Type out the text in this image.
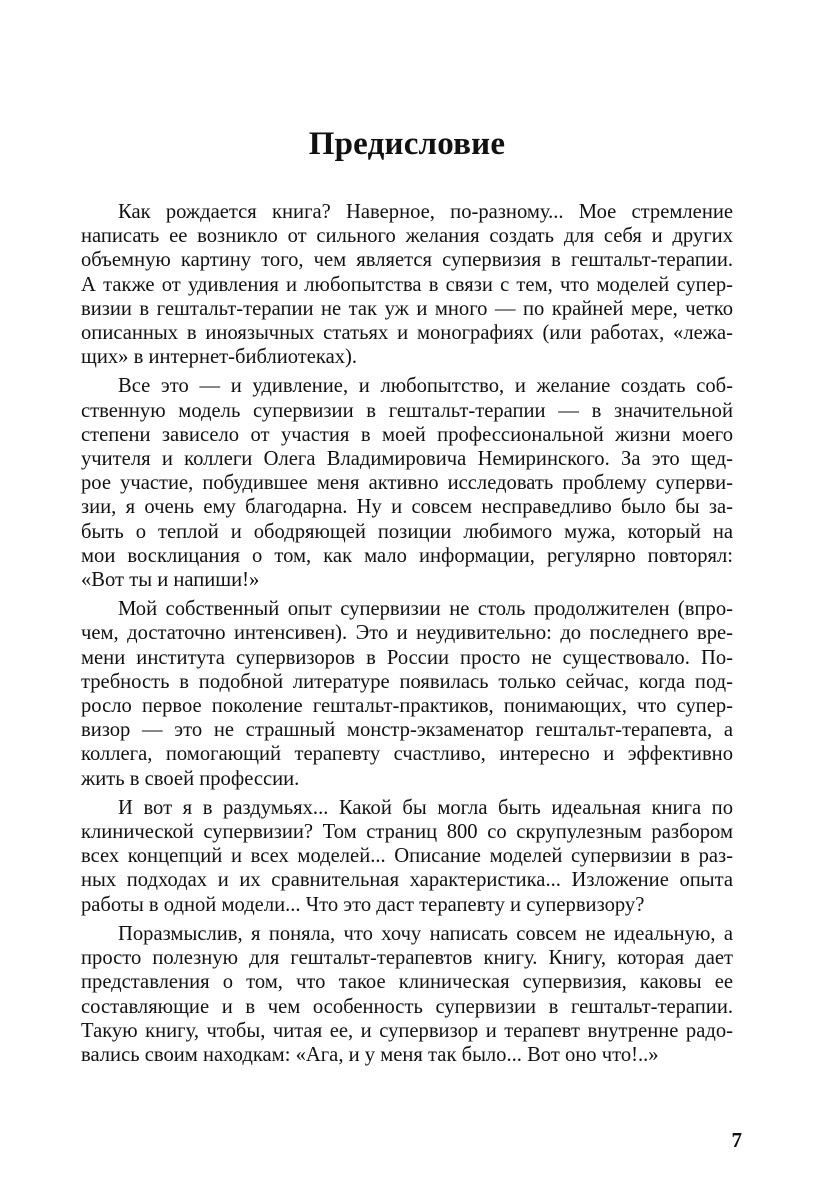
Предисловие

Как рождается книга? Наверное, по-разному... Мое стремление
написать ее возникло от сильного желания создать для себя и других
объемную картину того, чем является супервизия в гештальт-терапии.
А также от удивления и любопытства в связи с тем, что моделей супер-
визии в гештальт-терапии не так уж и много — по крайней мере, четко
описанных в иноязычных статьях и монографиях (или работах, «лежа-
щих» в интернет-библиотеках).

Все это — и удивление, и любопытство, и желание создать соб-
ственную модель супервизии в гештальт-терапии — в значительной
степени зависело от участия в моей профессиональной жизни моего
учителя и коллеги Олега Владимировича Немиринского. За это щед-
рое участие, побудившее меня активно исследовать проблему суперви-
зии, я очень ему благодарна. Ну и совсем несправедливо было бы за-
быть о теплой и ободряющей позиции любимого мужа, который на
мои восклицания о том, как мало информации, регулярно повторял:
«Вот ты и напиши!»

Мой собственный опыт супервизии не столь продолжителен (впро-
чем, достаточно интенсивен). Это и неудивительно: до последнего вре-
мени института супервизоров в России просто не существовало. По-
требность в подобной литературе появилась только сейчас, когда под-
росло первое поколение гештальт-практиков, понимающих, что супер-
визор — это не страшный монстр-экзаменатор гештальт-терапевта, а
коллега, помогающий терапевту счастливо, интересно и эффективно
жить в своей профессии.

И вот я в раздумьях... Какой бы могла быть идеальная книга по
клинической супервизии? Том страниц 800 со скрупулезным разбором
всех концепций и всех моделей... Описание моделей супервизии в раз-
ных подходах и их сравнительная характеристика... Изложение опыта
работы в одной модели... Что это даст терапевту и супервизору?

Поразмыслив, я поняла, что хочу написать совсем не идеальную, а
просто полезную для гештальт-терапевтов книгу. Книгу, которая дает
представления о том, что такое клиническая супервизия, каковы ее
составляющие и в чем особенность супервизии в гештальт-терапии.
Такую книгу, чтобы, читая ее, и супервизор и терапевт внутренне радо-
вались своим находкам: «Ага, и у меня так было... Вот оно что!..»

7
